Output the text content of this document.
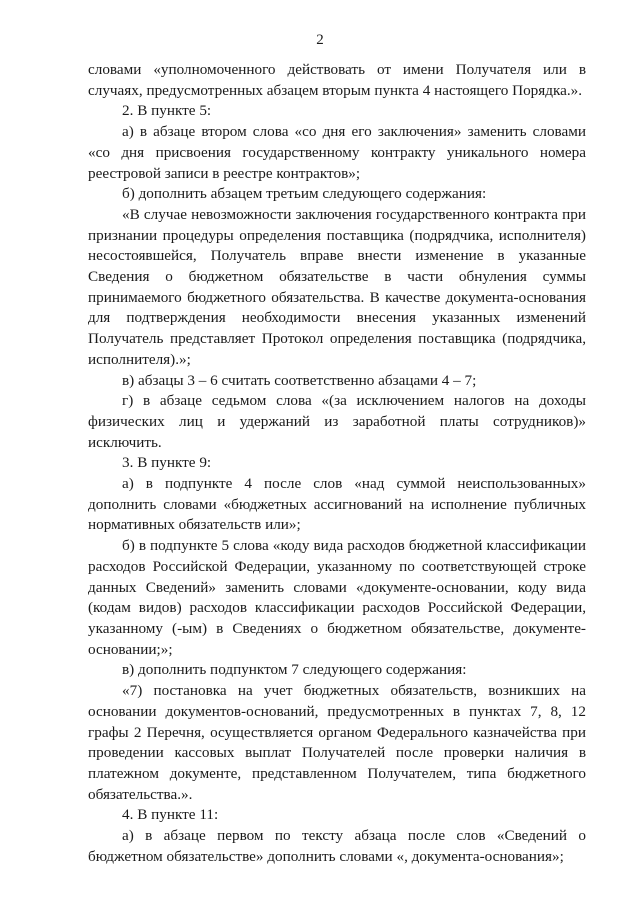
2

словами «уполномоченного действовать от имени Получателя или в случаях, предусмотренных абзацем вторым пункта 4 настоящего Порядка.».

2. В пункте 5:

а) в абзаце втором слова «со дня его заключения» заменить словами «со дня присвоения государственному контракту уникального номера реестровой записи в реестре контрактов»;

б) дополнить абзацем третьим следующего содержания:

«В случае невозможности заключения государственного контракта при признании процедуры определения поставщика (подрядчика, исполнителя) несостоявшейся, Получатель вправе внести изменение в указанные Сведения о бюджетном обязательстве в части обнуления суммы принимаемого бюджетного обязательства. В качестве документа-основания для подтверждения необходимости внесения указанных изменений Получатель представляет Протокол определения поставщика (подрядчика, исполнителя).»;

в) абзацы 3 – 6 считать соответственно абзацами 4 – 7;

г) в абзаце седьмом слова «(за исключением налогов на доходы физических лиц и удержаний из заработной платы сотрудников)» исключить.

3. В пункте 9:

а) в подпункте 4 после слов «над суммой неиспользованных» дополнить словами «бюджетных ассигнований на исполнение публичных нормативных обязательств или»;

б) в подпункте 5 слова «коду вида расходов бюджетной классификации расходов Российской Федерации, указанному по соответствующей строке данных Сведений» заменить словами «документе-основании, коду вида (кодам видов) расходов классификации расходов Российской Федерации, указанному (-ым) в Сведениях о бюджетном обязательстве, документе-основании;»;

в) дополнить подпунктом 7 следующего содержания:

«7) постановка на учет бюджетных обязательств, возникших на основании документов-оснований, предусмотренных в пунктах 7, 8, 12 графы 2 Перечня, осуществляется органом Федерального казначейства при проведении кассовых выплат Получателей после проверки наличия в платежном документе, представленном Получателем, типа бюджетного обязательства.».

4. В пункте 11:

а) в абзаце первом по тексту абзаца после слов «Сведений о бюджетном обязательстве» дополнить словами «, документа-основания»;
